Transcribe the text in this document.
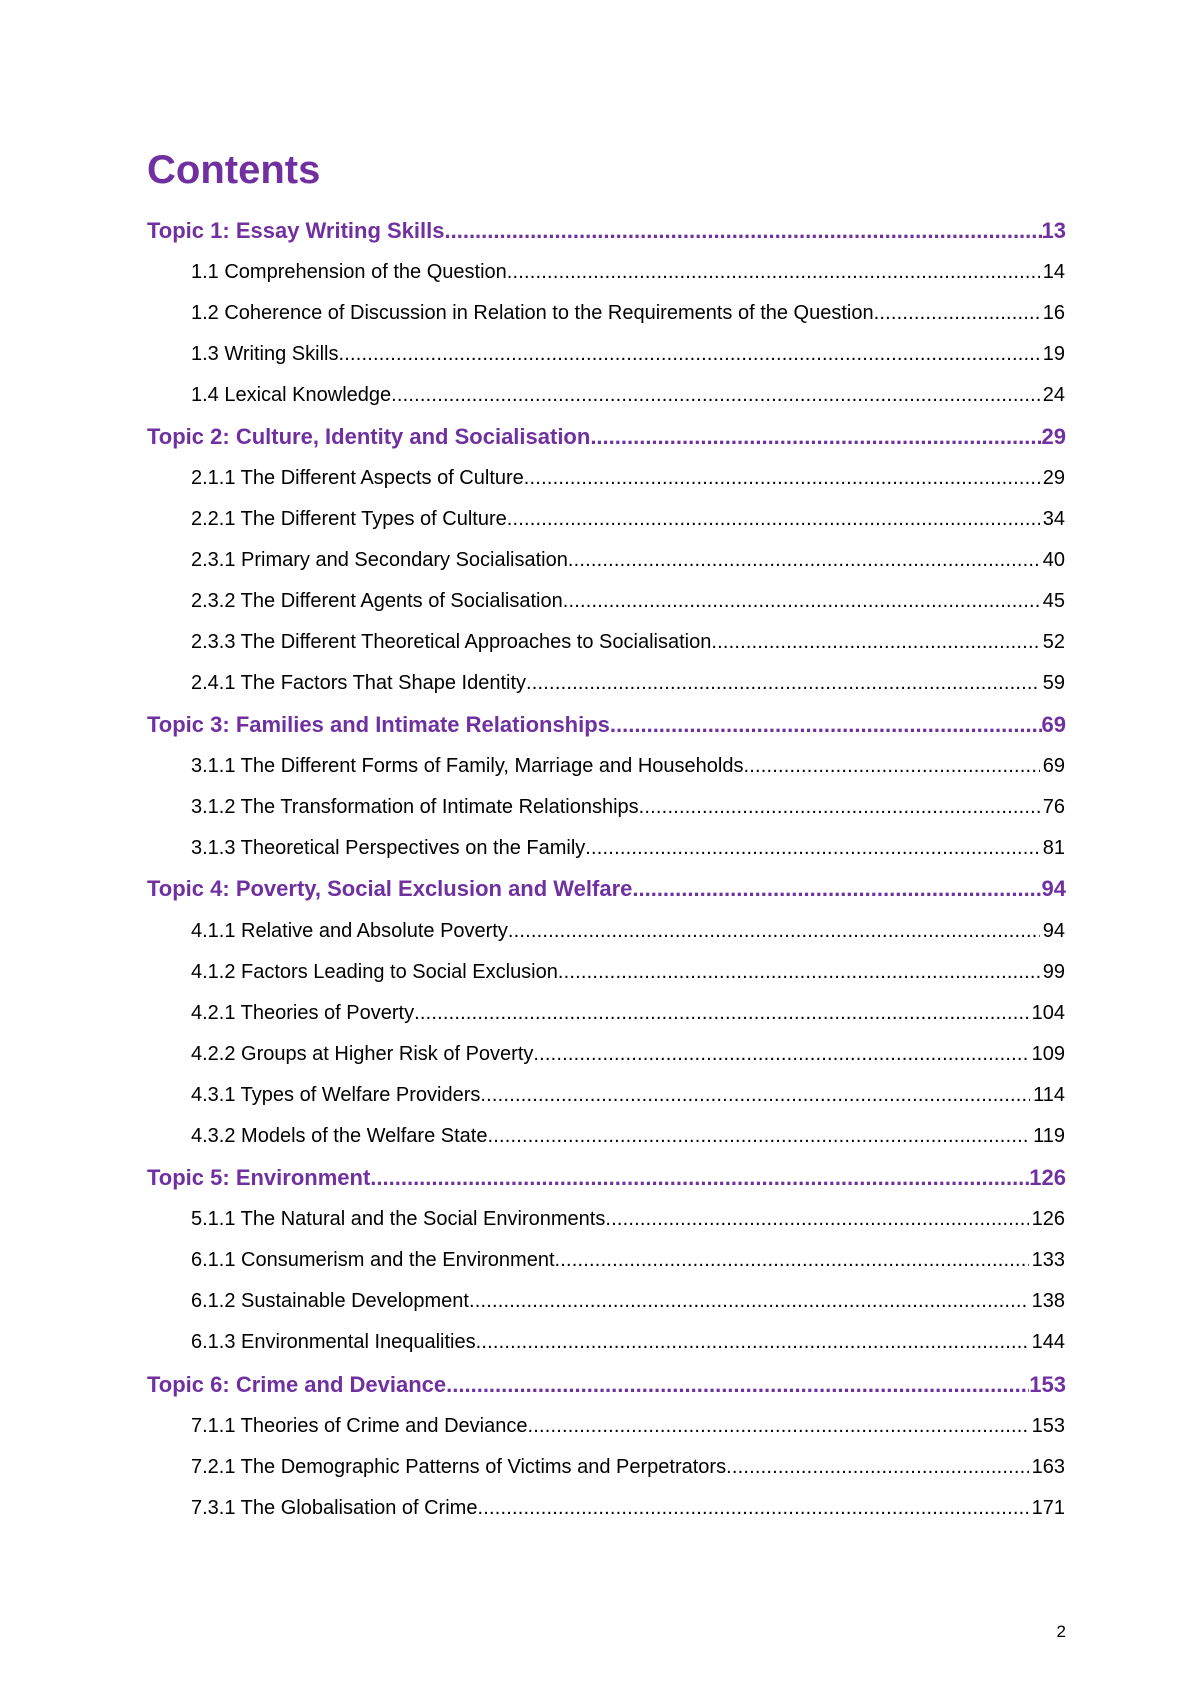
Contents
Topic 1: Essay Writing Skills .....	13
1.1 Comprehension of the Question .....	14
1.2 Coherence of Discussion in Relation to the Requirements of the Question .....	16
1.3 Writing Skills .....	19
1.4 Lexical Knowledge .....	24
Topic 2: Culture, Identity and Socialisation .....	29
2.1.1 The Different Aspects of Culture .....	29
2.2.1 The Different Types of Culture .....	34
2.3.1 Primary and Secondary Socialisation .....	40
2.3.2 The Different Agents of Socialisation .....	45
2.3.3 The Different Theoretical Approaches to Socialisation .....	52
2.4.1 The Factors That Shape Identity .....	59
Topic 3: Families and Intimate Relationships .....	69
3.1.1 The Different Forms of Family, Marriage and Households .....	69
3.1.2 The Transformation of Intimate Relationships .....	76
3.1.3 Theoretical Perspectives on the Family .....	81
Topic 4: Poverty, Social Exclusion and Welfare .....	94
4.1.1 Relative and Absolute Poverty .....	94
4.1.2 Factors Leading to Social Exclusion .....	99
4.2.1 Theories of Poverty .....	104
4.2.2 Groups at Higher Risk of Poverty .....	109
4.3.1 Types of Welfare Providers .....	114
4.3.2 Models of the Welfare State .....	119
Topic 5: Environment .....	126
5.1.1 The Natural and the Social Environments .....	126
6.1.1 Consumerism and the Environment .....	133
6.1.2 Sustainable Development .....	138
6.1.3 Environmental Inequalities .....	144
Topic 6: Crime and Deviance .....	153
7.1.1 Theories of Crime and Deviance .....	153
7.2.1 The Demographic Patterns of Victims and Perpetrators .....	163
7.3.1 The Globalisation of Crime .....	171
2
